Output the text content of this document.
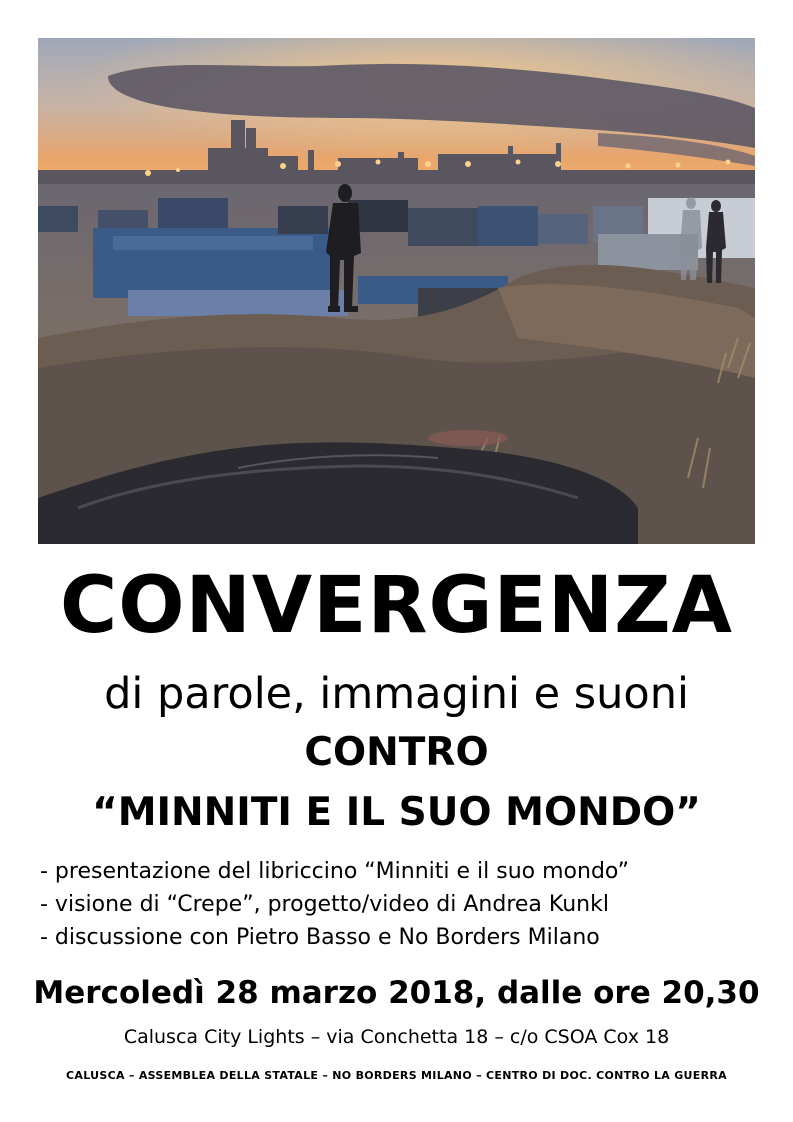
CONVERGENZA
di parole, immagini e suoni
CONTRO
“MINNITI E IL SUO MONDO”
- presentazione del libriccino “Minniti e il suo mondo”
- visione di “Crepe”, progetto/video di Andrea Kunkl
- discussione con Pietro Basso e No Borders Milano
Mercoledì 28 marzo 2018, dalle ore 20,30
Calusca City Lights – via Conchetta 18 – c/o CSOA Cox 18
CALUSCA – ASSEMBLEA DELLA STATALE – NO BORDERS MILANO – CENTRO DI DOC. CONTRO LA GUERRA
